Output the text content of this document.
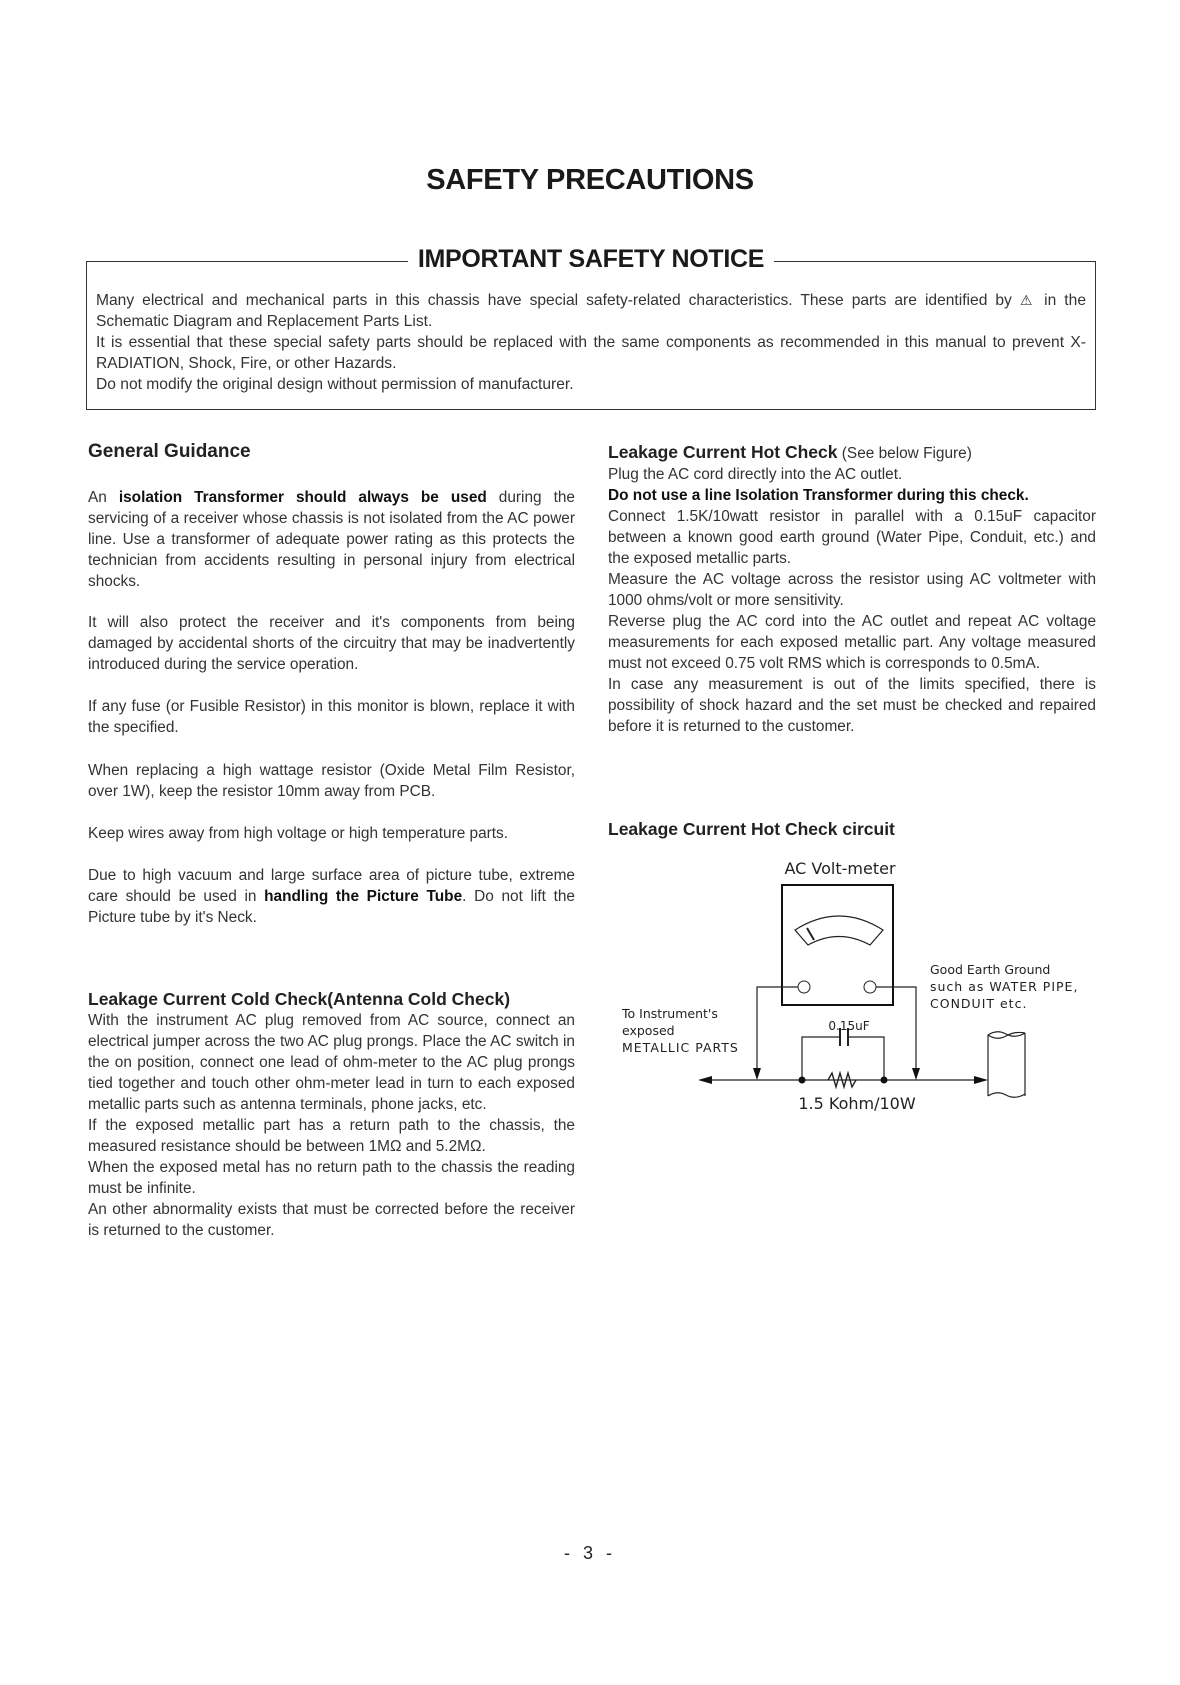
SAFETY PRECAUTIONS
IMPORTANT SAFETY NOTICE

Many electrical and mechanical parts in this chassis have special safety-related characteristics. These parts are identified by ⚠ in the Schematic Diagram and Replacement Parts List.

It is essential that these special safety parts should be replaced with the same components as recommended in this manual to prevent X-RADIATION, Shock, Fire, or other Hazards.

Do not modify the original design without permission of manufacturer.

General Guidance

An isolation Transformer should always be used during the servicing of a receiver whose chassis is not isolated from the AC power line. Use a transformer of adequate power rating as this protects the technician from accidents resulting in personal injury from electrical shocks.

It will also protect the receiver and it's components from being damaged by accidental shorts of the circuitry that may be inadvertently introduced during the service operation.

If any fuse (or Fusible Resistor) in this monitor is blown, replace it with the specified.

When replacing a high wattage resistor (Oxide Metal Film Resistor, over 1W), keep the resistor 10mm away from PCB.

Keep wires away from high voltage or high temperature parts.

Due to high vacuum and large surface area of picture tube, extreme care should be used in handling the Picture Tube. Do not lift the Picture tube by it's Neck.

Leakage Current Cold Check(Antenna Cold Check)

With the instrument AC plug removed from AC source, connect an electrical jumper across the two AC plug prongs. Place the AC switch in the on position, connect one lead of ohm-meter to the AC plug prongs tied together and touch other ohm-meter lead in turn to each exposed metallic parts such as antenna terminals, phone jacks, etc.

If the exposed metallic part has a return path to the chassis, the measured resistance should be between 1MΩ and 5.2MΩ.

When the exposed metal has no return path to the chassis the reading must be infinite.

An other abnormality exists that must be corrected before the receiver is returned to the customer.

Leakage Current Hot Check (See below Figure)

Plug the AC cord directly into the AC outlet.

Do not use a line Isolation Transformer during this check.

Connect 1.5K/10watt resistor in parallel with a 0.15uF capacitor between a known good earth ground (Water Pipe, Conduit, etc.) and the exposed metallic parts.

Measure the AC voltage across the resistor using AC voltmeter with 1000 ohms/volt or more sensitivity.

Reverse plug the AC cord into the AC outlet and repeat AC voltage measurements for each exposed metallic part. Any voltage measured must not exceed 0.75 volt RMS which is corresponds to 0.5mA.

In case any measurement is out of the limits specified, there is possibility of shock hazard and the set must be checked and repaired before it is returned to the customer.

Leakage Current Hot Check circuit
AC Volt-meter
0.15uF
1.5 Kohm/10W
To Instrument's
exposed
METALLIC PARTS
Good Earth Ground
such as WATER PIPE,
CONDUIT etc.
- 3 -
